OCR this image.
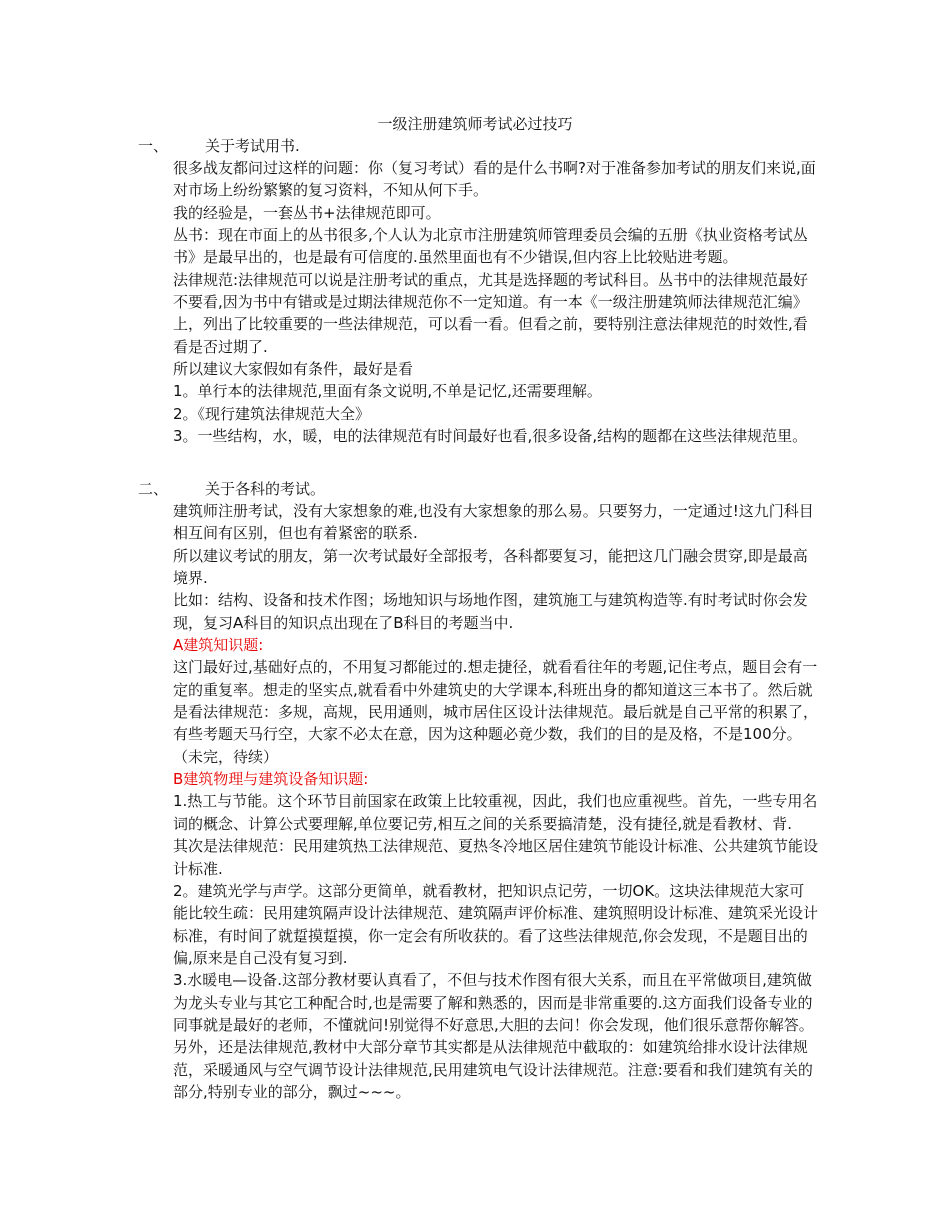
一级注册建筑师考试必过技巧
一、 关于考试用书.

很多战友都问过这样的问题：你（复习考试）看的是什么书啊?对于准备参加考试的朋友们来说,面对市场上纷纷繁繁的复习资料，不知从何下手。

我的经验是，一套丛书+法律规范即可。

丛书：现在市面上的丛书很多,个人认为北京市注册建筑师管理委员会编的五册《执业资格考试丛书》是最早出的，也是最有可信度的.虽然里面也有不少错误,但内容上比较贴进考题。

法律规范:法律规范可以说是注册考试的重点，尤其是选择题的考试科目。丛书中的法律规范最好不要看,因为书中有错或是过期法律规范你不一定知道。有一本《一级注册建筑师法律规范汇编》上，列出了比较重要的一些法律规范，可以看一看。但看之前，要特别注意法律规范的时效性,看看是否过期了.

所以建议大家假如有条件，最好是看

1。单行本的法律规范,里面有条文说明,不单是记忆,还需要理解。

2。《现行建筑法律规范大全》

3。一些结构，水，暖，电的法律规范有时间最好也看,很多设备,结构的题都在这些法律规范里。

二、 关于各科的考试。

建筑师注册考试，没有大家想象的难,也没有大家想象的那么易。只要努力，一定通过!这九门科目相互间有区别，但也有着紧密的联系.

所以建议考试的朋友，第一次考试最好全部报考，各科都要复习，能把这几门融会贯穿,即是最高境界.

比如：结构、设备和技术作图；场地知识与场地作图，建筑施工与建筑构造等.有时考试时你会发现，复习A科目的知识点出现在了B科目的考题当中.

A建筑知识题:

这门最好过,基础好点的，不用复习都能过的.想走捷径，就看看往年的考题,记住考点，题目会有一定的重复率。想走的坚实点,就看看中外建筑史的大学课本,科班出身的都知道这三本书了。然后就是看法律规范：多规，高规，民用通则，城市居住区设计法律规范。最后就是自己平常的积累了，有些考题天马行空，大家不必太在意，因为这种题必竟少数，我们的目的是及格，不是100分。（未完，待续）

B建筑物理与建筑设备知识题:

1.热工与节能。这个环节目前国家在政策上比较重视，因此，我们也应重视些。首先，一些专用名词的概念、计算公式要理解,单位要记劳,相互之间的关系要搞清楚，没有捷径,就是看教材、背.

其次是法律规范：民用建筑热工法律规范、夏热冬冷地区居住建筑节能设计标准、公共建筑节能设计标准.

2。建筑光学与声学。这部分更简单，就看教材，把知识点记劳，一切OK。这块法律规范大家可能比较生疏：民用建筑隔声设计法律规范、建筑隔声评价标准、建筑照明设计标准、建筑采光设计标准，有时间了就踅摸踅摸，你一定会有所收获的。看了这些法律规范,你会发现，不是题目出的偏,原来是自己没有复习到.

3.水暖电—设备.这部分教材要认真看了，不但与技术作图有很大关系，而且在平常做项目,建筑做为龙头专业与其它工种配合时,也是需要了解和熟悉的，因而是非常重要的.这方面我们设备专业的同事就是最好的老师，不懂就问!别觉得不好意思,大胆的去问！你会发现，他们很乐意帮你解答。另外，还是法律规范,教材中大部分章节其实都是从法律规范中截取的：如建筑给排水设计法律规范，采暖通风与空气调节设计法律规范,民用建筑电气设计法律规范。注意:要看和我们建筑有关的部分,特别专业的部分，飘过~~~。
